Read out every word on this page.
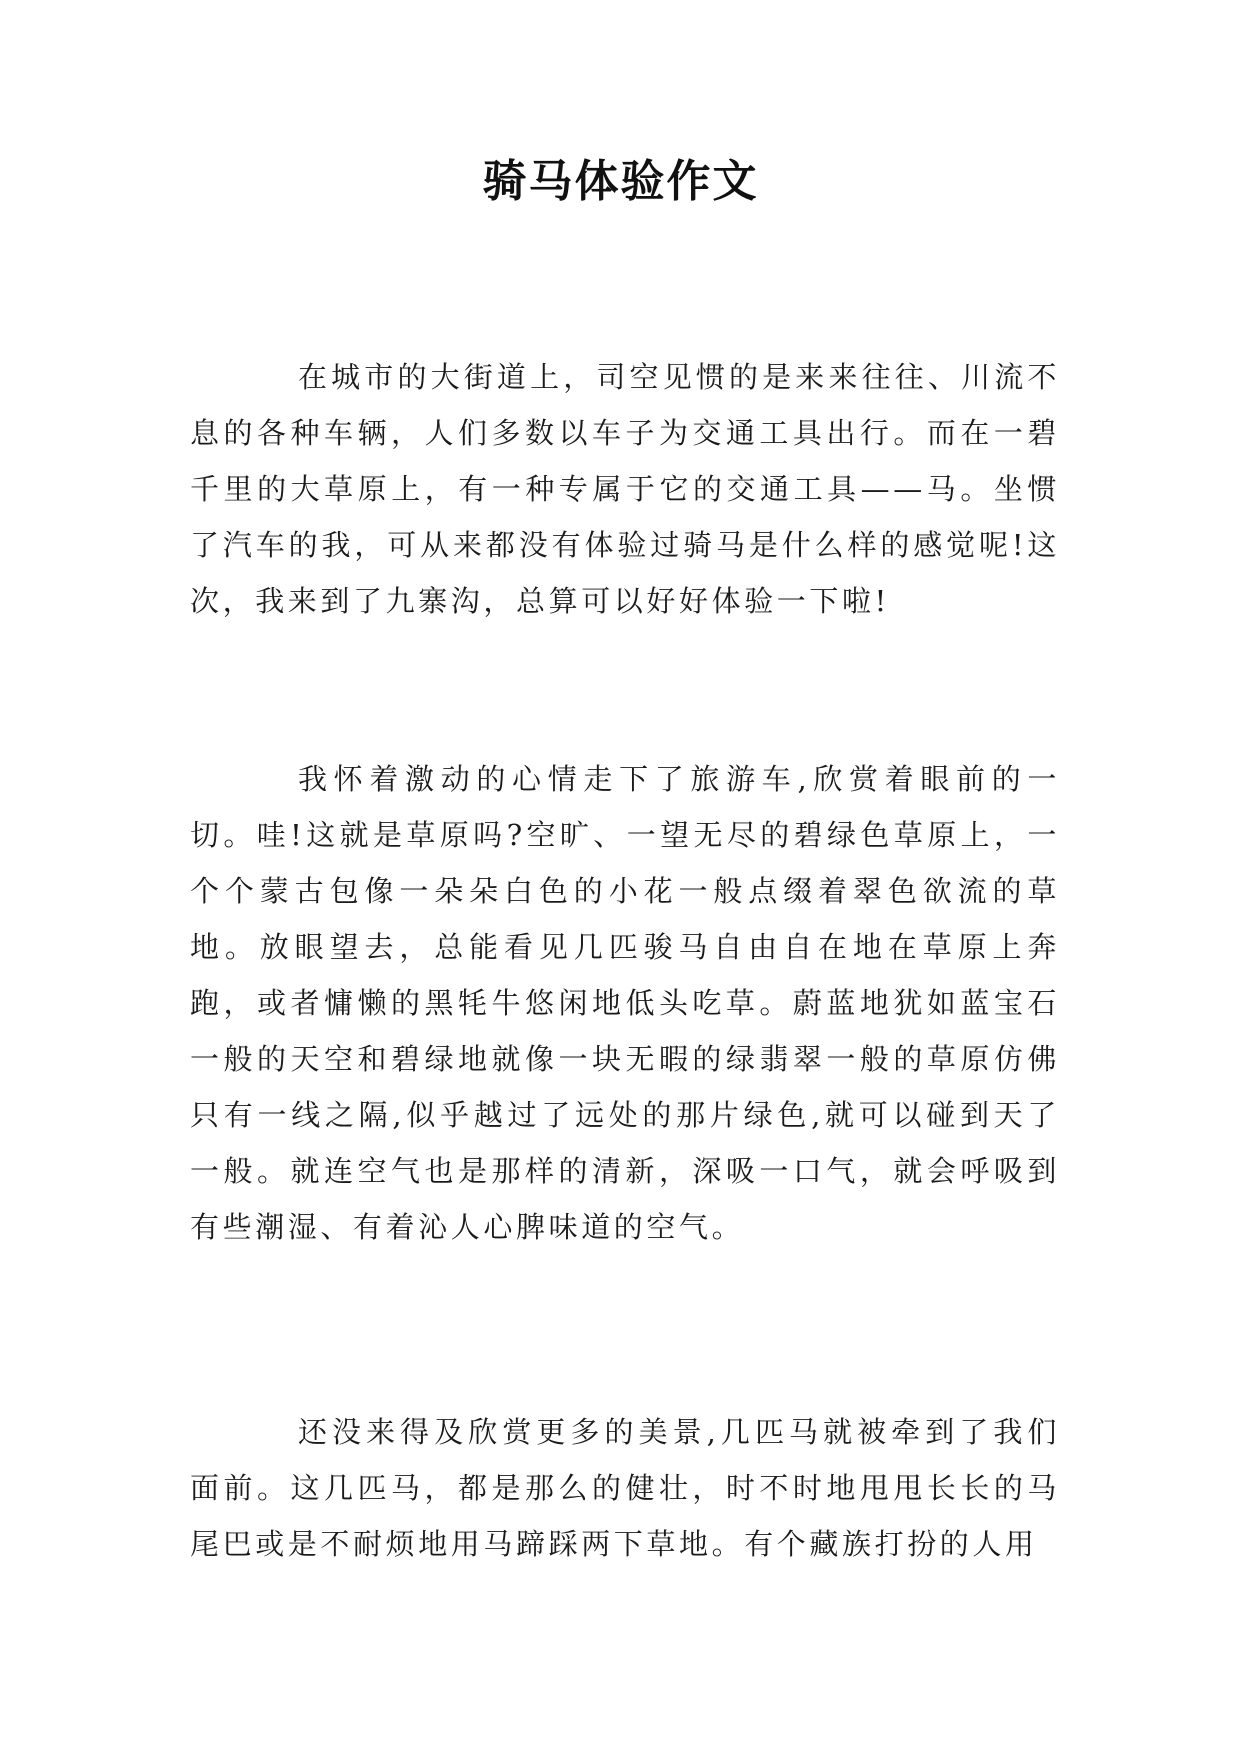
骑马体验作文

在城市的大街道上，司空见惯的是来来往往、川流不息的各种车辆，人们多数以车子为交通工具出行。而在一碧千里的大草原上，有一种专属于它的交通工具——马。坐惯了汽车的我，可从来都没有体验过骑马是什么样的感觉呢!这次，我来到了九寨沟，总算可以好好体验一下啦!

我怀着激动的心情走下了旅游车,欣赏着眼前的一切。哇!这就是草原吗?空旷、一望无尽的碧绿色草原上，一个个蒙古包像一朵朵白色的小花一般点缀着翠色欲流的草地。放眼望去，总能看见几匹骏马自由自在地在草原上奔跑，或者慵懒的黑牦牛悠闲地低头吃草。蔚蓝地犹如蓝宝石一般的天空和碧绿地就像一块无暇的绿翡翠一般的草原仿佛只有一线之隔,似乎越过了远处的那片绿色,就可以碰到天了一般。就连空气也是那样的清新，深吸一口气，就会呼吸到有些潮湿、有着沁人心脾味道的空气。

还没来得及欣赏更多的美景,几匹马就被牵到了我们面前。这几匹马，都是那么的健壮，时不时地甩甩长长的马尾巴或是不耐烦地用马蹄踩两下草地。有个藏族打扮的人用
